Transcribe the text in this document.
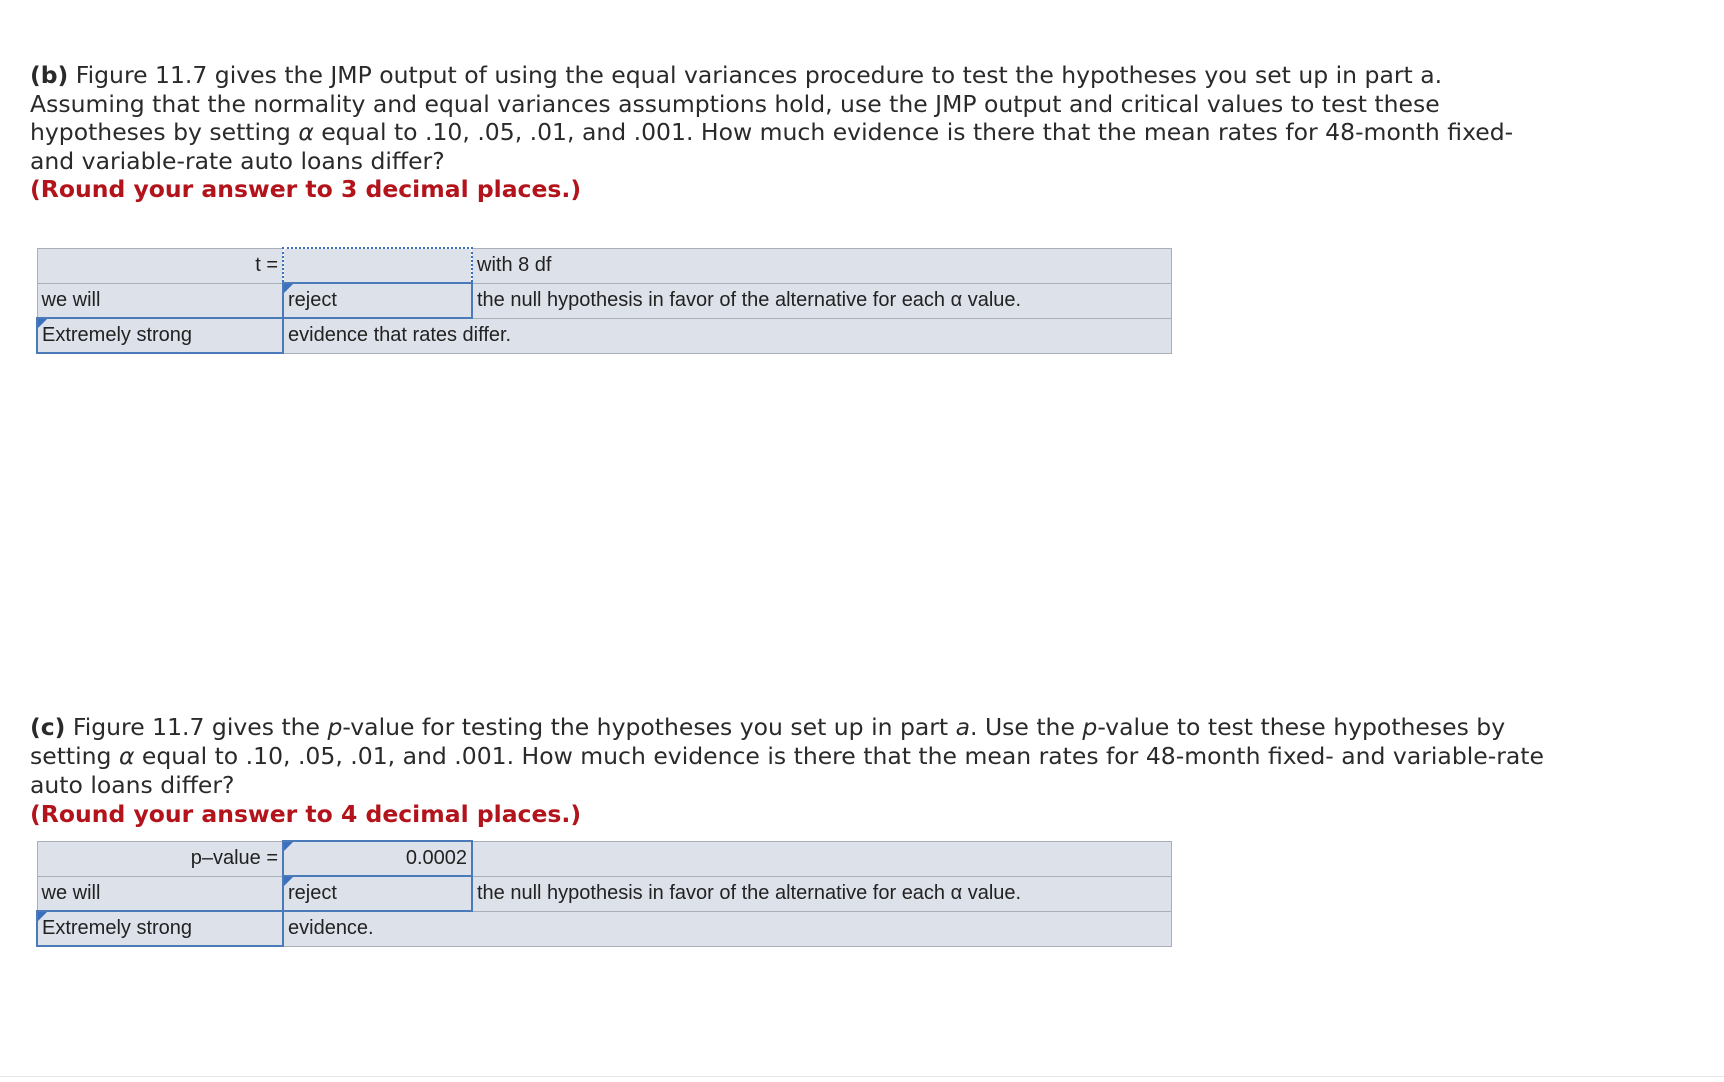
(b) Figure 11.7 gives the JMP output of using the equal variances procedure to test the hypotheses you set up in part a. Assuming that the normality and equal variances assumptions hold, use the JMP output and critical values to test these hypotheses by setting α equal to .10, .05, .01, and .001. How much evidence is there that the mean rates for 48-month fixed- and variable-rate auto loans differ?
(Round your answer to 3 decimal places.)
t =		with 8 df
we will	reject	the null hypothesis in favor of the alternative for each α value.

Extremely strong	evidence that rates differ.	
(c) Figure 11.7 gives the p-value for testing the hypotheses you set up in part a. Use the p-value to test these hypotheses by setting α equal to .10, .05, .01, and .001. How much evidence is there that the mean rates for 48-month fixed- and variable-rate auto loans differ?
(Round your answer to 4 decimal places.)
p–value =	0.0002	
we will	reject	the null hypothesis in favor of the alternative for each α value.

Extremely strong	evidence.	
